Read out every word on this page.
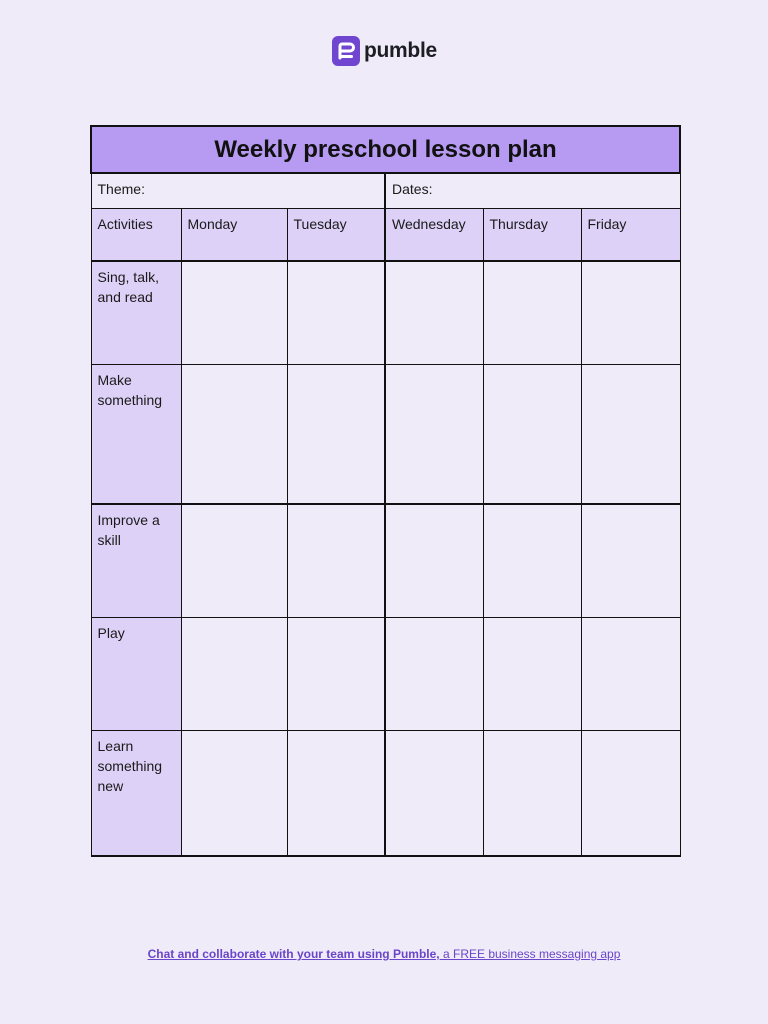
pumble
Weekly preschool lesson plan					
Theme:			Dates:		
Activities	Monday	Tuesday	Wednesday	Thursday	Friday
Sing, talk, and read					
Make something					
Improve a skill					
Play					
Learn something new					
Chat and collaborate with your team using Pumble, a FREE business messaging app
